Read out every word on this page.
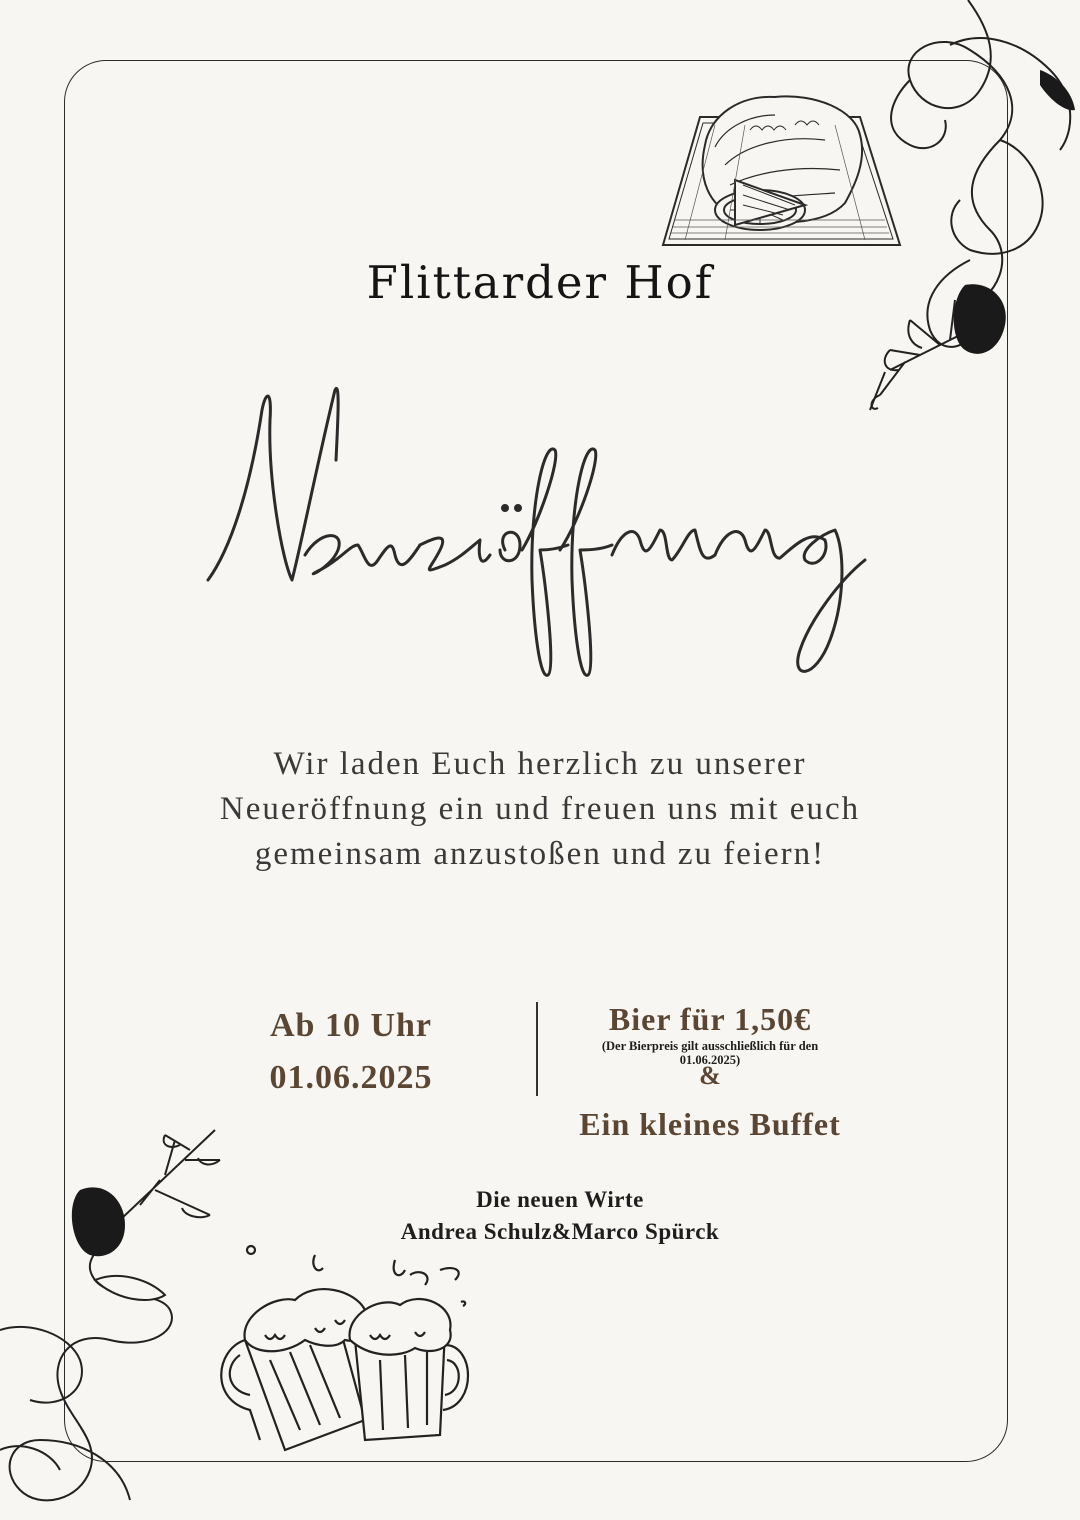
Flittarder Hof
Wir laden Euch herzlich zu unserer
Neueröffnung ein und freuen uns mit euch
gemeinsam anzustoßen und zu feiern!
Ab 10 Uhr
01.06.2025
Bier für 1,50€
(Der Bierpreis gilt ausschließlich für den
01.06.2025)
&
Ein kleines Buffet
Die neuen Wirte
Andrea Schulz&Marco Spürck
